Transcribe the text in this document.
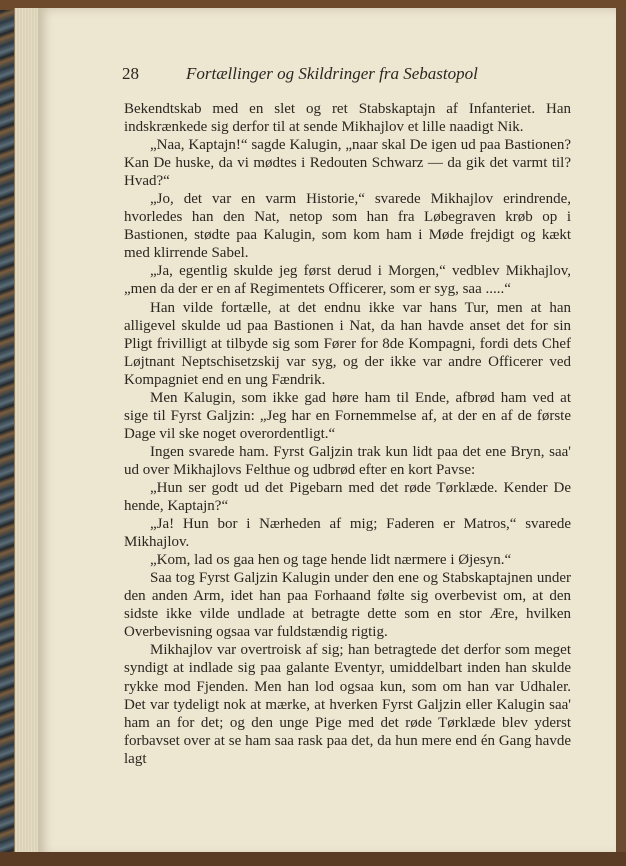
28	Fortællinger og Skildringer fra Sebastopol

Bekendtskab med en slet og ret Stabskaptajn af Infanteriet. Han indskrænkede sig derfor til at sende Mikhajlov et lille naadigt Nik.

„Naa, Kaptajn!“ sagde Kalugin, „naar skal De igen ud paa Bastionen? Kan De huske, da vi mødtes i Redouten Schwarz — da gik det varmt til? Hvad?“

„Jo, det var en varm Historie,“ svarede Mikhajlov erindrende, hvorledes han den Nat, netop som han fra Løbegraven krøb op i Bastionen, stødte paa Kalugin, som kom ham i Møde frejdigt og kækt med klirrende Sabel.

„Ja, egentlig skulde jeg først derud i Morgen,“ vedblev Mikhajlov, „men da der er en af Regimentets Officerer, som er syg, saa .....“

Han vilde fortælle, at det endnu ikke var hans Tur, men at han alligevel skulde ud paa Bastionen i Nat, da han havde anset det for sin Pligt frivilligt at tilbyde sig som Fører for 8de Kompagni, fordi dets Chef Løjtnant Neptschisetzskij var syg, og der ikke var andre Officerer ved Kompagniet end en ung Fændrik.

Men Kalugin, som ikke gad høre ham til Ende, afbrød ham ved at sige til Fyrst Galjzin: „Jeg har en Fornemmelse af, at der en af de første Dage vil ske noget overordentligt.“

Ingen svarede ham. Fyrst Galjzin trak kun lidt paa det ene Bryn, saa' ud over Mikhajlovs Felthue og udbrød efter en kort Pavse:

„Hun ser godt ud det Pigebarn med det røde Tørklæde. Kender De hende, Kaptajn?“

„Ja! Hun bor i Nærheden af mig; Faderen er Matros,“ svarede Mikhajlov.

„Kom, lad os gaa hen og tage hende lidt nærmere i Øjesyn.“

Saa tog Fyrst Galjzin Kalugin under den ene og Stabskaptajnen under den anden Arm, idet han paa Forhaand følte sig overbevist om, at den sidste ikke vilde undlade at betragte dette som en stor Ære, hvilken Overbevisning ogsaa var fuldstændig rigtig.

Mikhajlov var overtroisk af sig; han betragtede det derfor som meget syndigt at indlade sig paa galante Eventyr, umiddelbart inden han skulde rykke mod Fjenden. Men han lod ogsaa kun, som om han var Udhaler. Det var tydeligt nok at mærke, at hverken Fyrst Galjzin eller Kalugin saa' ham an for det; og den unge Pige med det røde Tørklæde blev yderst forbavset over at se ham saa rask paa det, da hun mere end én Gang havde lagt
